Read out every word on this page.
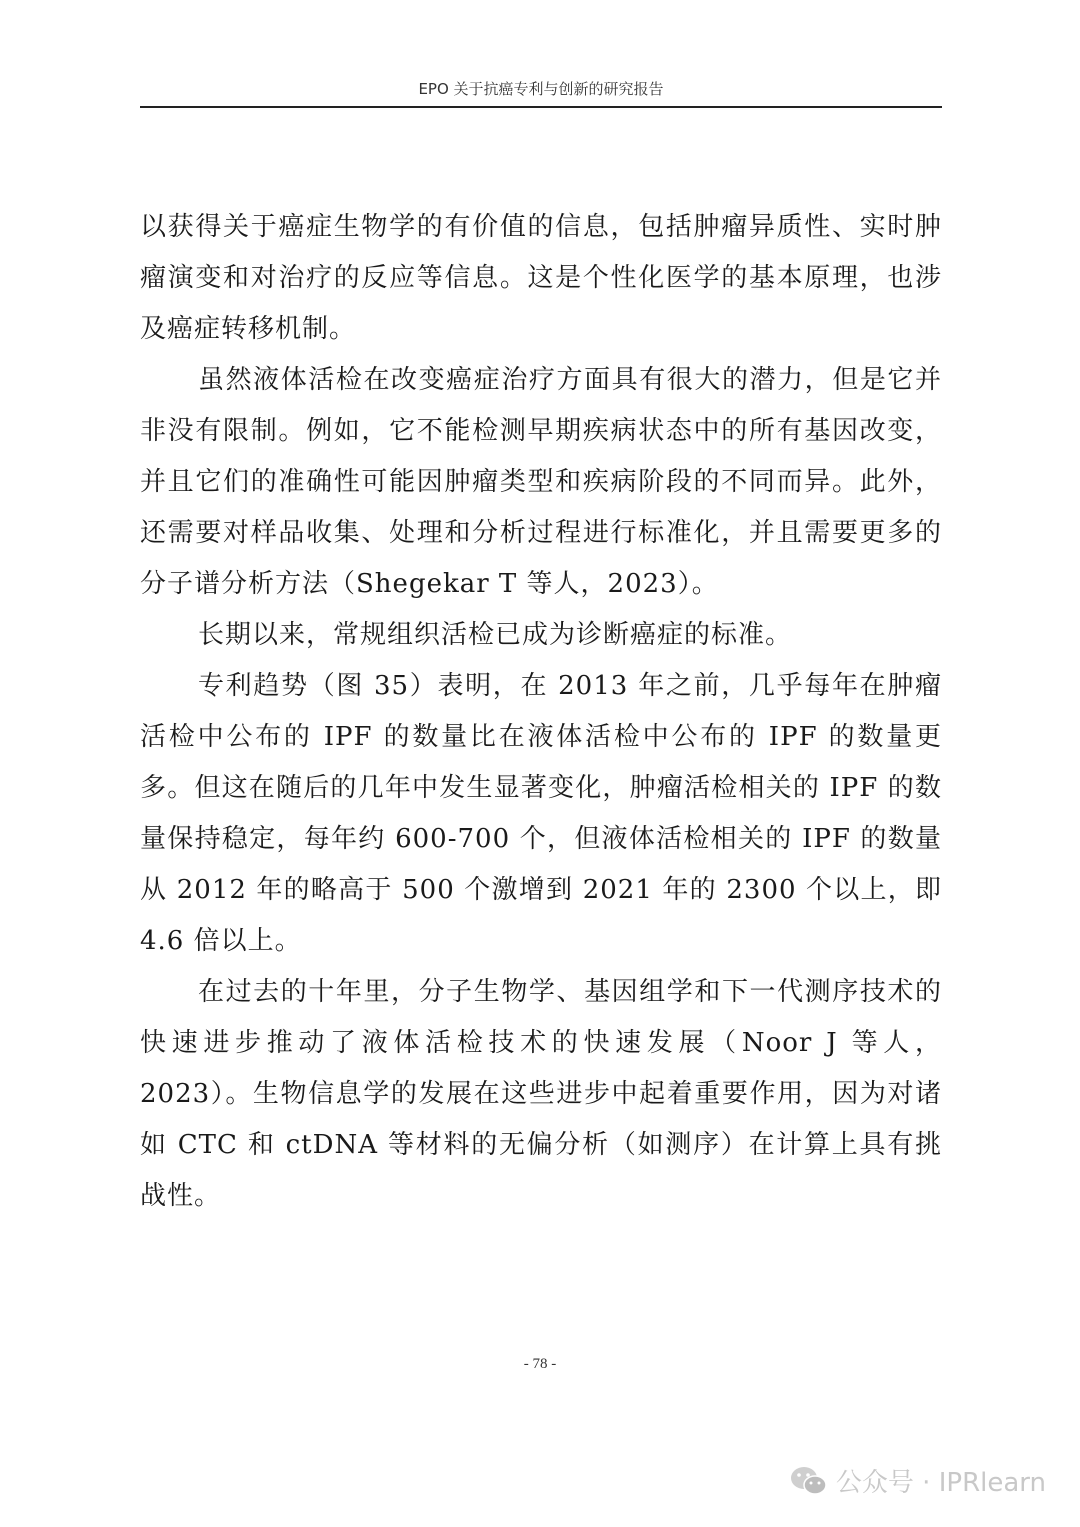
EPO 关于抗癌专利与创新的研究报告

以获得关于癌症生物学的有价值的信息，包括肿瘤异质性、实时肿瘤演变和对治疗的反应等信息。这是个性化医学的基本原理，也涉及癌症转移机制。

虽然液体活检在改变癌症治疗方面具有很大的潜力，但是它并非没有限制。例如，它不能检测早期疾病状态中的所有基因改变，并且它们的准确性可能因肿瘤类型和疾病阶段的不同而异。此外，还需要对样品收集、处理和分析过程进行标准化，并且需要更多的分子谱分析方法（Shegekar T 等人，2023）。

长期以来，常规组织活检已成为诊断癌症的标准。

专利趋势（图 35）表明，在 2013 年之前，几乎每年在肿瘤活检中公布的 IPF 的数量比在液体活检中公布的 IPF 的数量更多。但这在随后的几年中发生显著变化，肿瘤活检相关的 IPF 的数量保持稳定，每年约 600-700 个，但液体活检相关的 IPF 的数量从 2012 年的略高于 500 个激增到 2021 年的 2300 个以上，即 4.6 倍以上。

在过去的十年里，分子生物学、基因组学和下一代测序技术的快速进步推动了液体活检技术的快速发展（Noor J 等人，2023）。生物信息学的发展在这些进步中起着重要作用，因为对诸如 CTC 和 ctDNA 等材料的无偏分析（如测序）在计算上具有挑战性。

- 78 -
公众号 · IPRlearn
